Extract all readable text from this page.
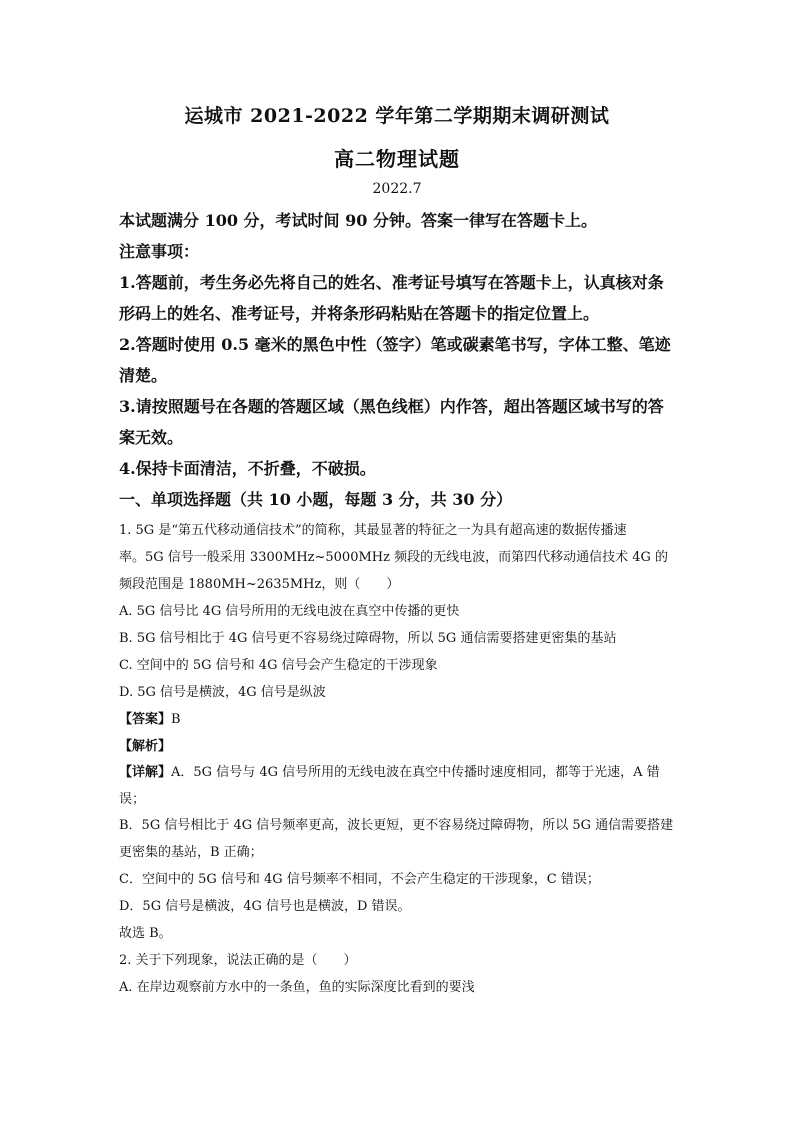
运城市 2021-2022 学年第二学期期末调研测试
高二物理试题
2022.7

本试题满分 100 分，考试时间 90 分钟。答案一律写在答题卡上。

注意事项：

1.答题前，考生务必先将自己的姓名、准考证号填写在答题卡上，认真核对条

形码上的姓名、准考证号，并将条形码粘贴在答题卡的指定位置上。

2.答题时使用 0.5 毫米的黑色中性（签字）笔或碳素笔书写，字体工整、笔迹

清楚。

3.请按照题号在各题的答题区域（黑色线框）内作答，超出答题区域书写的答

案无效。

4.保持卡面清洁，不折叠，不破损。

一、单项选择题（共 10 小题，每题 3 分，共 30 分）

1. 5G 是“第五代移动通信技术”的简称，其最显著的特征之一为具有超高速的数据传播速

率。5G 信号一般采用 3300MHz~5000MHz 频段的无线电波，而第四代移动通信技术 4G 的

频段范围是 1880MH~2635MHz，则（　　）

A. 5G 信号比 4G 信号所用的无线电波在真空中传播的更快

B. 5G 信号相比于 4G 信号更不容易绕过障碍物，所以 5G 通信需要搭建更密集的基站

C. 空间中的 5G 信号和 4G 信号会产生稳定的干涉现象

D. 5G 信号是横波，4G 信号是纵波

【答案】B

【解析】

【详解】A．5G 信号与 4G 信号所用的无线电波在真空中传播时速度相同，都等于光速，A 错误；

B．5G 信号相比于 4G 信号频率更高，波长更短，更不容易绕过障碍物，所以 5G 通信需要搭建更密集的基站，B 正确；

C．空间中的 5G 信号和 4G 信号频率不相同，不会产生稳定的干涉现象，C 错误；

D．5G 信号是横波，4G 信号也是横波，D 错误。

故选 B。

2. 关于下列现象，说法正确的是（　　）

A. 在岸边观察前方水中的一条鱼，鱼的实际深度比看到的要浅
